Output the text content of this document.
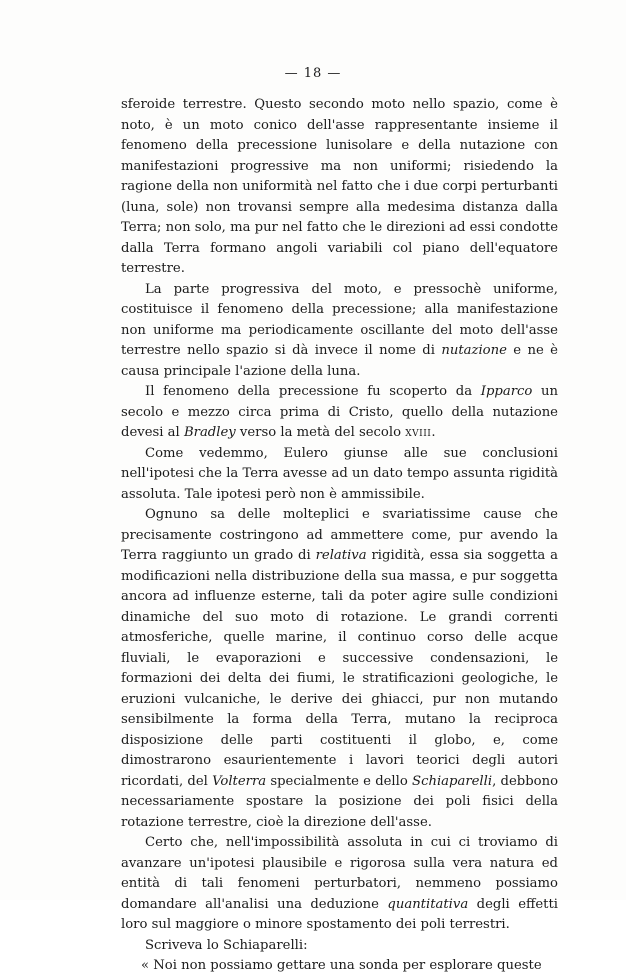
— 18 —

sferoide terrestre. Questo secondo moto nello spazio, come è noto, è un moto conico dell'asse rappresentante insieme il fenomeno della precessione lunisolare e della nutazione con manifestazioni progressive ma non uniformi; risiedendo la ragione della non uniformità nel fatto che i due corpi perturbanti (luna, sole) non trovansi sempre alla medesima distanza dalla Terra; non solo, ma pur nel fatto che le direzioni ad essi condotte dalla Terra formano angoli variabili col piano dell'equatore terrestre.

La parte progressiva del moto, e pressochè uniforme, costituisce il fenomeno della precessione; alla manifestazione non uniforme ma periodicamente oscillante del moto dell'asse terrestre nello spazio si dà invece il nome di nutazione e ne è causa principale l'azione della luna.

Il fenomeno della precessione fu scoperto da Ipparco un secolo e mezzo circa prima di Cristo, quello della nutazione devesi al Bradley verso la metà del secolo xviii.

Come vedemmo, Eulero giunse alle sue conclusioni nell'ipotesi che la Terra avesse ad un dato tempo assunta rigidità assoluta. Tale ipotesi però non è ammissibile.

Ognuno sa delle molteplici e svariatissime cause che precisamente costringono ad ammettere come, pur avendo la Terra raggiunto un grado di relativa rigidità, essa sia soggetta a modificazioni nella distribuzione della sua massa, e pur soggetta ancora ad influenze esterne, tali da poter agire sulle condizioni dinamiche del suo moto di rotazione. Le grandi correnti atmosferiche, quelle marine, il continuo corso delle acque fluviali, le evaporazioni e successive condensazioni, le formazioni dei delta dei fiumi, le stratificazioni geologiche, le eruzioni vulcaniche, le derive dei ghiacci, pur non mutando sensibilmente la forma della Terra, mutano la reciproca disposizione delle parti costituenti il globo, e, come dimostrarono esaurientemente i lavori teorici degli autori ricordati, del Volterra specialmente e dello Schiaparelli, debbono necessariamente spostare la posizione dei poli fisici della rotazione terrestre, cioè la direzione dell'asse.

Certo che, nell'impossibilità assoluta in cui ci troviamo di avanzare un'ipotesi plausibile e rigorosa sulla vera natura ed entità di tali fenomeni perturbatori, nemmeno possiamo domandare all'analisi una deduzione quantitativa degli effetti loro sul maggiore o minore spostamento dei poli terrestri.

Scriveva lo Schiaparelli:

« Noi non possiamo gettare una sonda per esplorare queste
